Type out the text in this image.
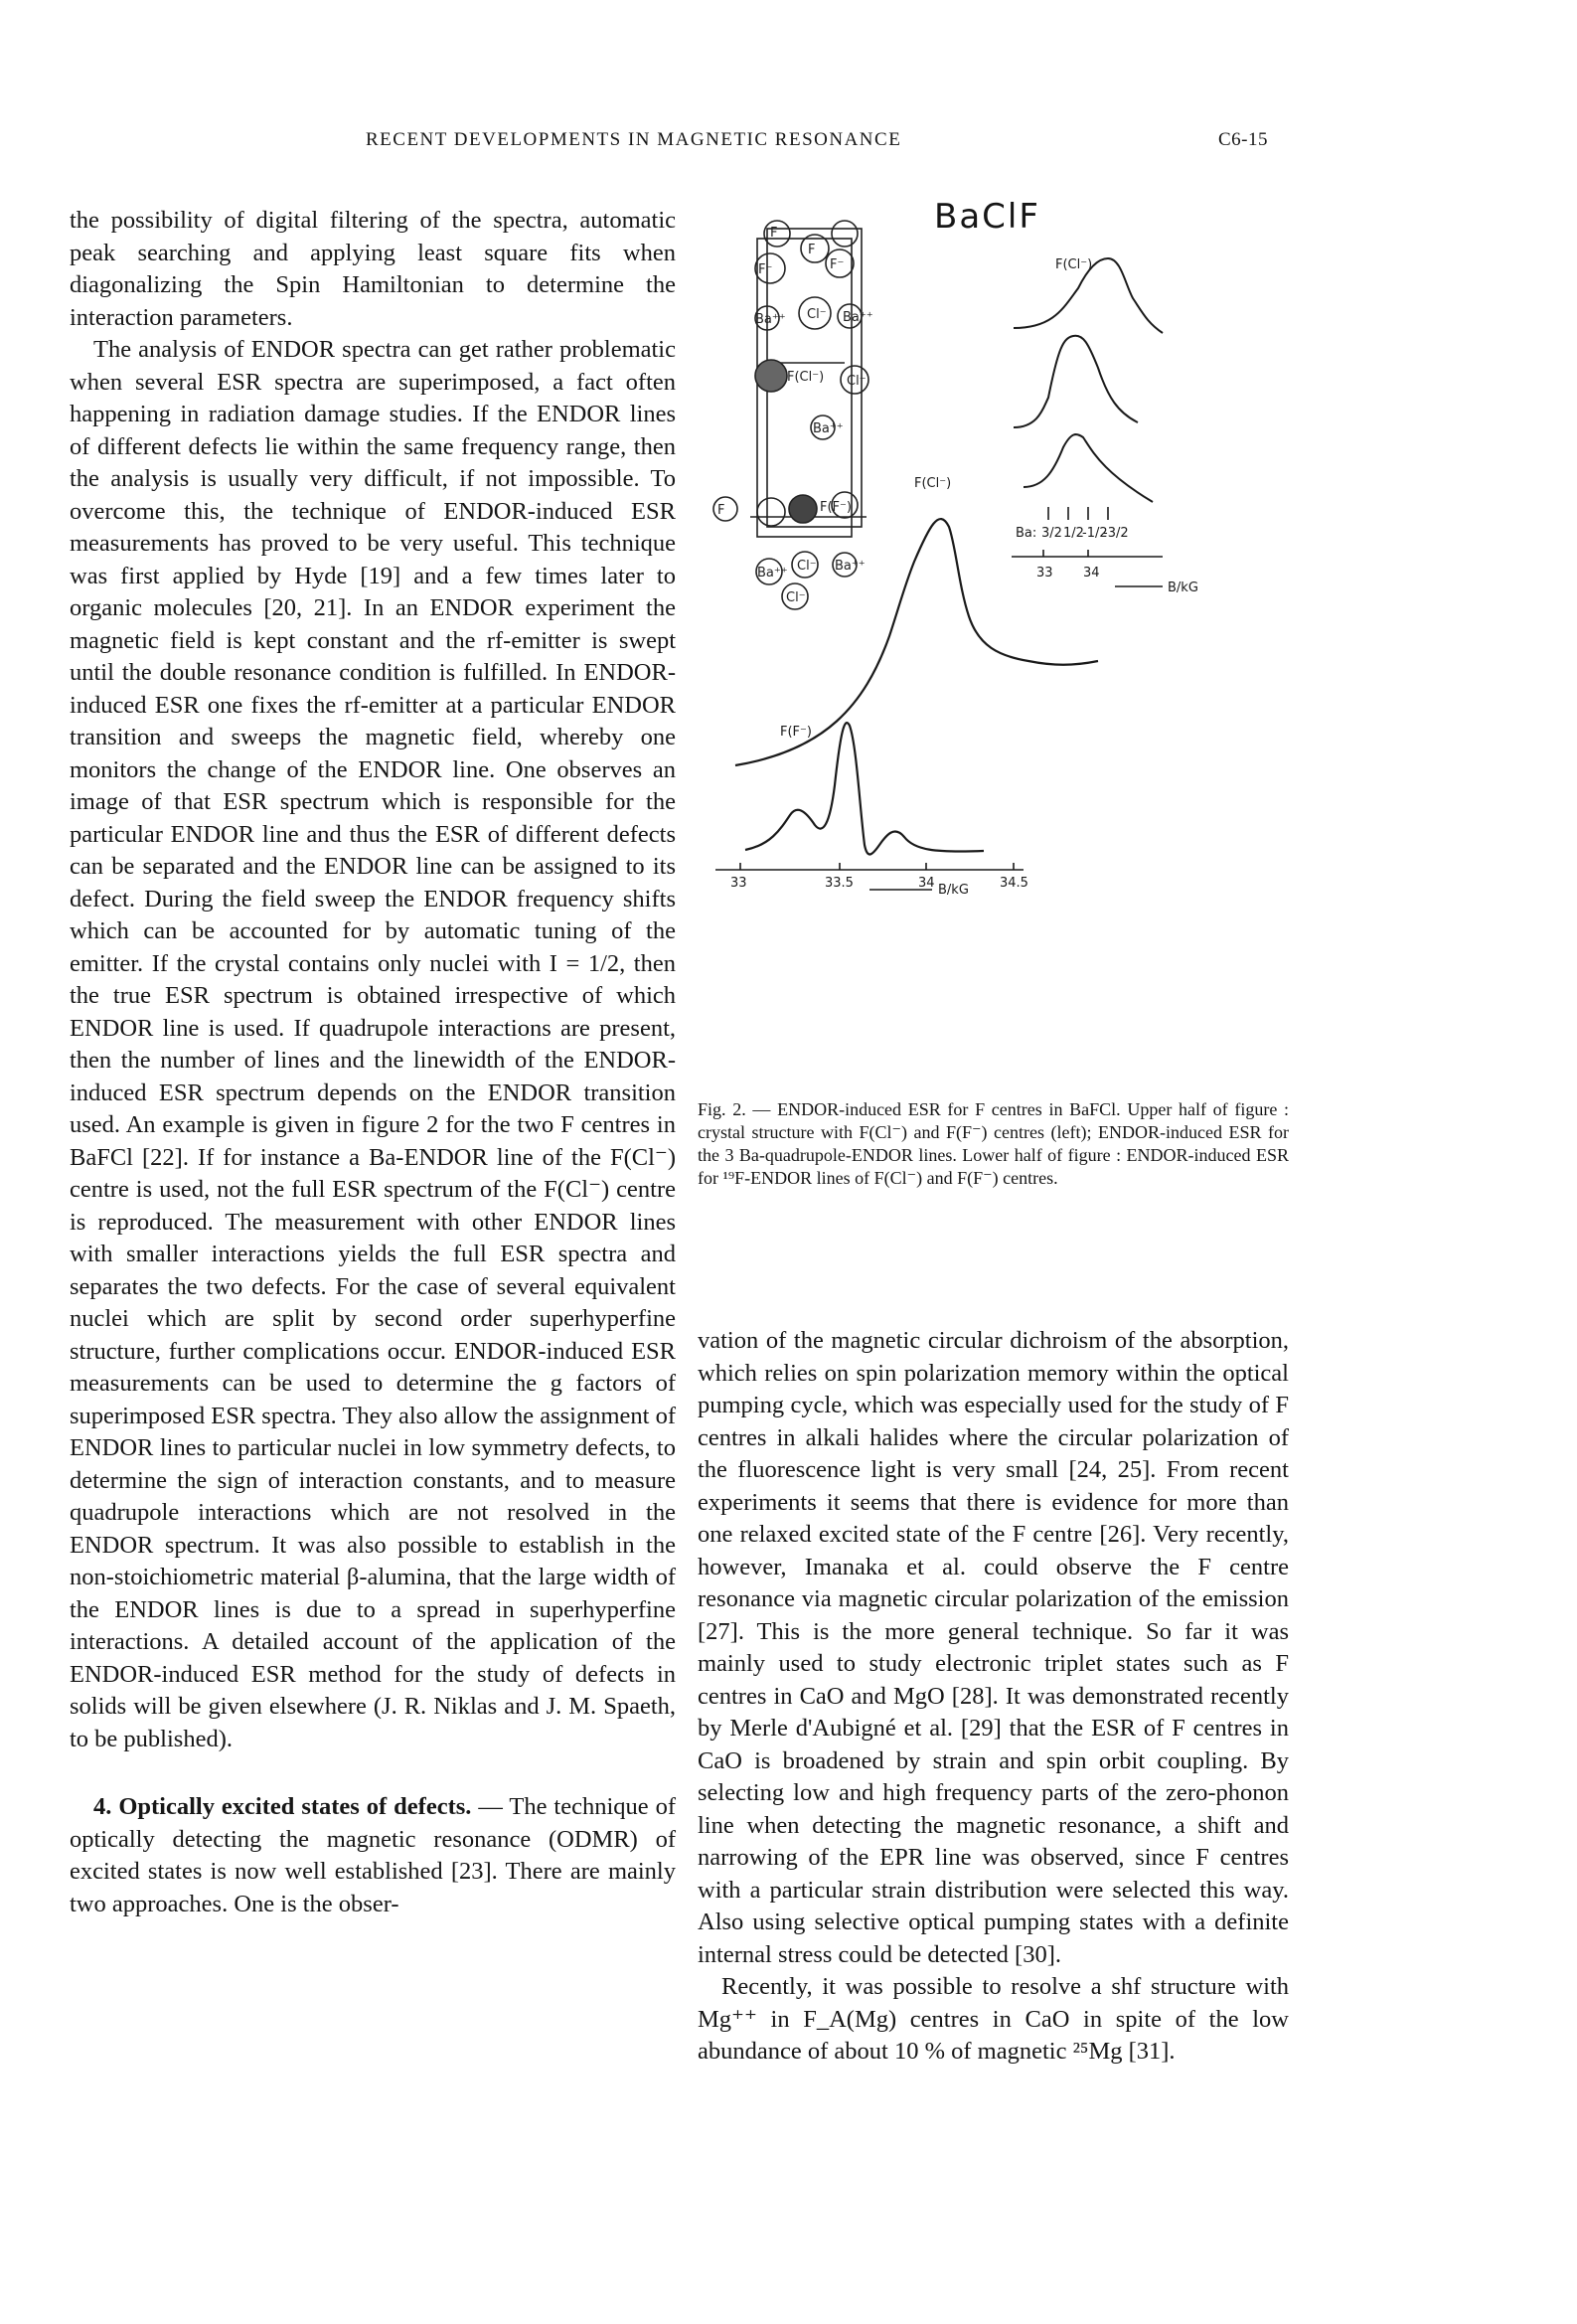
RECENT DEVELOPMENTS IN MAGNETIC RESONANCE	C6-15

the possibility of digital filtering of the spectra, automatic peak searching and applying least square fits when diagonalizing the Spin Hamiltonian to determine the interaction parameters.

The analysis of ENDOR spectra can get rather problematic when several ESR spectra are superimposed, a fact often happening in radiation damage studies. If the ENDOR lines of different defects lie within the same frequency range, then the analysis is usually very difficult, if not impossible. To overcome this, the technique of ENDOR-induced ESR measurements has proved to be very useful. This technique was first applied by Hyde [19] and a few times later to organic molecules [20, 21]. In an ENDOR experiment the magnetic field is kept constant and the rf-emitter is swept until the double resonance condition is fulfilled. In ENDOR-induced ESR one fixes the rf-emitter at a particular ENDOR transition and sweeps the magnetic field, whereby one monitors the change of the ENDOR line. One observes an image of that ESR spectrum which is responsible for the particular ENDOR line and thus the ESR of different defects can be separated and the ENDOR line can be assigned to its defect. During the field sweep the ENDOR frequency shifts which can be accounted for by automatic tuning of the emitter. If the crystal contains only nuclei with I = 1/2, then the true ESR spectrum is obtained irrespective of which ENDOR line is used. If quadrupole interactions are present, then the number of lines and the linewidth of the ENDOR-induced ESR spectrum depends on the ENDOR transition used. An example is given in figure 2 for the two F centres in BaFCl [22]. If for instance a Ba-ENDOR line of the F(Cl⁻) centre is used, not the full ESR spectrum of the F(Cl⁻) centre is reproduced. The measurement with other ENDOR lines with smaller interactions yields the full ESR spectra and separates the two defects. For the case of several equivalent nuclei which are split by second order superhyperfine structure, further complications occur. ENDOR-induced ESR measurements can be used to determine the g factors of superimposed ESR spectra. They also allow the assignment of ENDOR lines to particular nuclei in low symmetry defects, to determine the sign of interaction constants, and to measure quadrupole interactions which are not resolved in the ENDOR spectrum. It was also possible to establish in the non-stoichiometric material β-alumina, that the large width of the ENDOR lines is due to a spread in superhyperfine interactions. A detailed account of the application of the ENDOR-induced ESR method for the study of defects in solids will be given elsewhere (J. R. Niklas and J. M. Spaeth, to be published).

4. Optically excited states of defects. — The technique of optically detecting the magnetic resonance (ODMR) of excited states is now well established [23]. There are mainly two approaches. One is the obser-

BaClF
F
F
F⁻	F⁻
Ba⁺⁺ Cl⁻ Ba⁺⁺
F(Cl⁻) Cl⁻
Ba⁺⁺
F	F(F⁻)
Ba⁺⁺ Cl⁻ Ba⁺⁺
Cl⁻
F(Cl⁻)
Ba: 3/2 1/2
-1/2
-3/2
33 34
B/kG
F(Cl⁻)
F(F⁻)
33	33.5	34	34.5
B/kG
Fig. 2. — ENDOR-induced ESR for F centres in BaFCl. Upper half of figure : crystal structure with F(Cl⁻) and F(F⁻) centres (left); ENDOR-induced ESR for the 3 Ba-quadrupole-ENDOR lines. Lower half of figure : ENDOR-induced ESR for ¹⁹F-ENDOR lines of F(Cl⁻) and F(F⁻) centres.

vation of the magnetic circular dichroism of the absorption, which relies on spin polarization memory within the optical pumping cycle, which was especially used for the study of F centres in alkali halides where the circular polarization of the fluorescence light is very small [24, 25]. From recent experiments it seems that there is evidence for more than one relaxed excited state of the F centre [26]. Very recently, however, Imanaka et al. could observe the F centre resonance via magnetic circular polarization of the emission [27]. This is the more general technique. So far it was mainly used to study electronic triplet states such as F centres in CaO and MgO [28]. It was demonstrated recently by Merle d'Aubigné et al. [29] that the ESR of F centres in CaO is broadened by strain and spin orbit coupling. By selecting low and high frequency parts of the zero-phonon line when detecting the magnetic resonance, a shift and narrowing of the EPR line was observed, since F centres with a particular strain distribution were selected this way. Also using selective optical pumping states with a definite internal stress could be detected [30].

Recently, it was possible to resolve a shf structure with Mg⁺⁺ in F_A(Mg) centres in CaO in spite of the low abundance of about 10 % of magnetic ²⁵Mg [31].
